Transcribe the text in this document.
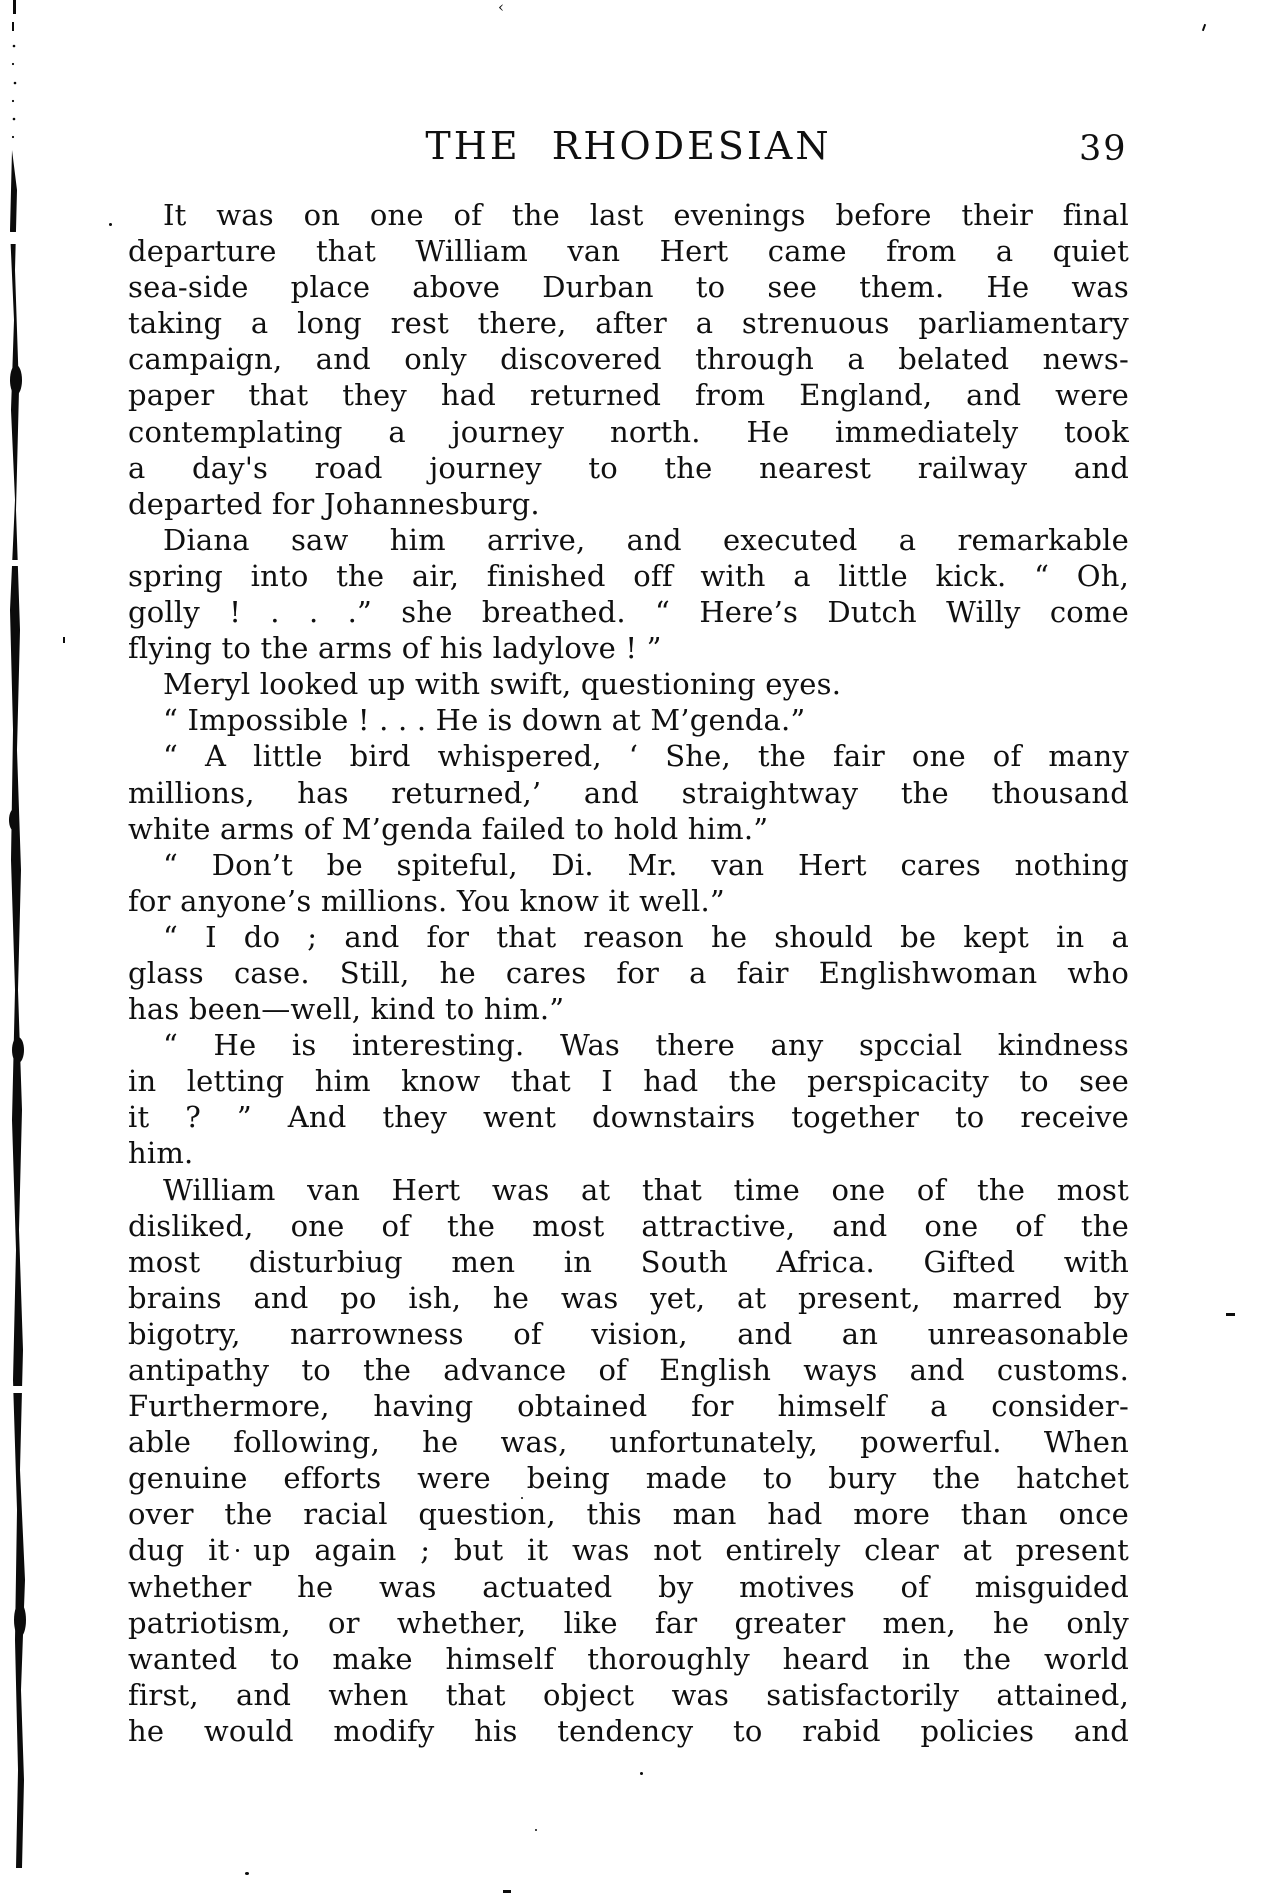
‹
THE RHODESIAN	39
It was on one of the last evenings before their final
departure that William van Hert came from a quiet
sea-side place above Durban to see them. He was
taking a long rest there, after a strenuous parliamentary
campaign, and only discovered through a belated news-
paper that they had returned from England, and were
contemplating a journey north. He immediately took
a day's road journey to the nearest railway and
departed for Johannesburg.
Diana saw him arrive, and executed a remarkable
spring into the air, finished off with a little kick. “ Oh,
golly ! . . .” she breathed. “ Here’s Dutch Willy come
flying to the arms of his ladylove ! ”
Meryl looked up with swift, questioning eyes.
“ Impossible ! . . . He is down at M’genda.”
“ A little bird whispered, ‘ She, the fair one of many
millions, has returned,’ and straightway the thousand
white arms of M’genda failed to hold him.”
“ Don’t be spiteful, Di. Mr. van Hert cares nothing
for anyone’s millions. You know it well.”
“ I do ; and for that reason he should be kept in a
glass case. Still, he cares for a fair Englishwoman who
has been—well, kind to him.”
“ He is interesting. Was there any spccial kindness
in letting him know that I had the perspicacity to see
it ? ” And they went downstairs together to receive
him.
William van Hert was at that time one of the most
disliked, one of the most attractive, and one of the
most disturbiug men in South Africa. Gifted with
brains and po ish, he was yet, at present, marred by
bigotry, narrowness of vision, and an unreasonable
antipathy to the advance of English ways and customs.
Furthermore, having obtained for himself a consider-
able following, he was, unfortunately, powerful. When
genuine efforts were being made to bury the hatchet
over the racial question, this man had more than once
dug it up again ; but it was not entirely clear at present
whether he was actuated by motives of misguided
patriotism, or whether, like far greater men, he only
wanted to make himself thoroughly heard in the world
first, and when that object was satisfactorily attained,
he would modify his tendency to rabid policies and
